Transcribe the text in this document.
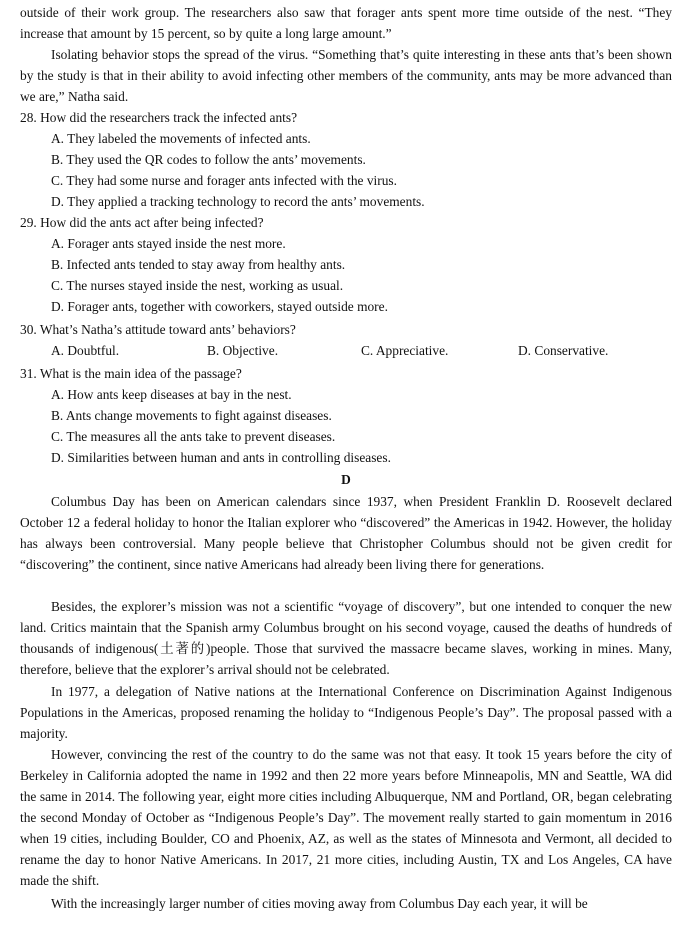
outside of their work group. The researchers also saw that forager ants spent more time outside of the nest. “They increase that amount by 15 percent, so by quite a long large amount.”
Isolating behavior stops the spread of the virus. “Something that’s quite interesting in these ants that’s been shown by the study is that in their ability to avoid infecting other members of the community, ants may be more advanced than we are,” Natha said.
28. How did the researchers track the infected ants?
A. They labeled the movements of infected ants.
B. They used the QR codes to follow the ants’ movements.
C. They had some nurse and forager ants infected with the virus.
D. They applied a tracking technology to record the ants’ movements.
29. How did the ants act after being infected?
A. Forager ants stayed inside the nest more.
B. Infected ants tended to stay away from healthy ants.
C. The nurses stayed inside the nest, working as usual.
D. Forager ants, together with coworkers, stayed outside more.
30. What’s Natha’s attitude toward ants’ behaviors?
A. Doubtful.	B. Objective.	C. Appreciative.	D. Conservative.
31. What is the main idea of the passage?
A. How ants keep diseases at bay in the nest.
B. Ants change movements to fight against diseases.
C. The measures all the ants take to prevent diseases.
D. Similarities between human and ants in controlling diseases.
D
Columbus Day has been on American calendars since 1937, when President Franklin D. Roosevelt declared October 12 a federal holiday to honor the Italian explorer who “discovered” the Americas in 1942. However, the holiday has always been controversial. Many people believe that Christopher Columbus should not be given credit for “discovering” the continent, since native Americans had already been living there for generations.
Besides, the explorer’s mission was not a scientific “voyage of discovery”, but one intended to conquer the new land. Critics maintain that the Spanish army Columbus brought on his second voyage, caused the deaths of hundreds of thousands of indigenous(土著的)people. Those that survived the massacre became slaves, working in mines. Many, therefore, believe that the explorer’s arrival should not be celebrated.
In 1977, a delegation of Native nations at the International Conference on Discrimination Against Indigenous Populations in the Americas, proposed renaming the holiday to “Indigenous People’s Day”. The proposal passed with a majority.
However, convincing the rest of the country to do the same was not that easy. It took 15 years before the city of Berkeley in California adopted the name in 1992 and then 22 more years before Minneapolis, MN and Seattle, WA did the same in 2014. The following year, eight more cities including Albuquerque, NM and Portland, OR, began celebrating the second Monday of October as “Indigenous People’s Day”. The movement really started to gain momentum in 2016 when 19 cities, including Boulder, CO and Phoenix, AZ, as well as the states of Minnesota and Vermont, all decided to rename the day to honor Native Americans. In 2017, 21 more cities, including Austin, TX and Los Angeles, CA have made the shift.
With the increasingly larger number of cities moving away from Columbus Day each year, it will be
